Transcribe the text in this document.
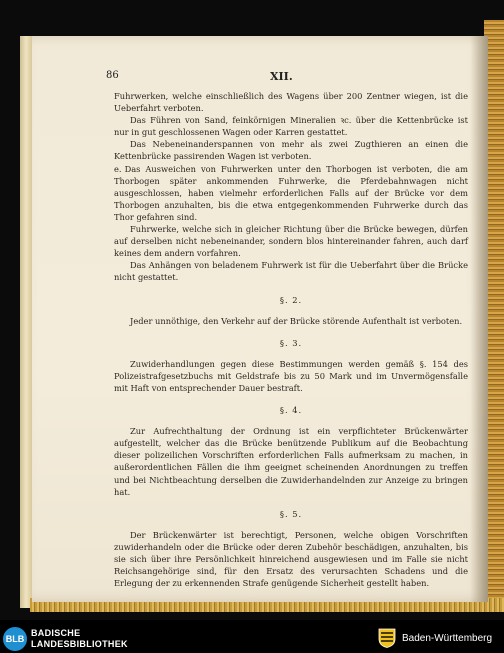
86	XII.

Fuhrwerken, welche einschließlich des Wagens über 200 Zentner wiegen, ist die Ueberfahrt verboten.

Das Führen von Sand, feinkörnigen Mineralien ꝛc. über die Kettenbrücke ist nur in gut geschlossenen Wagen oder Karren gestattet.

Das Nebeneinanderspannen von mehr als zwei Zugthieren an einen die Kettenbrücke passirenden Wagen ist verboten.

e. Das Ausweichen von Fuhrwerken unter den Thorbogen ist verboten, die am Thorbogen später ankommenden Fuhrwerke, die Pferdebahnwagen nicht ausgeschlossen, haben vielmehr erforderlichen Falls auf der Brücke vor dem Thorbogen anzuhalten, bis die etwa entgegenkommenden Fuhrwerke durch das Thor gefahren sind.

Fuhrwerke, welche sich in gleicher Richtung über die Brücke bewegen, dürfen auf derselben nicht nebeneinander, sondern blos hintereinander fahren, auch darf keines dem andern vorfahren.

Das Anhängen von beladenem Fuhrwerk ist für die Ueberfahrt über die Brücke nicht gestattet.

§. 2.

Jeder unnöthige, den Verkehr auf der Brücke störende Aufenthalt ist verboten.

§. 3.

Zuwiderhandlungen gegen diese Bestimmungen werden gemäß §. 154 des Polizeistrafgesetzbuchs mit Geldstrafe bis zu 50 Mark und im Unvermögensfalle mit Haft von entsprechender Dauer bestraft.

§. 4.

Zur Aufrechthaltung der Ordnung ist ein verpflichteter Brückenwärter aufgestellt, welcher das die Brücke benützende Publikum auf die Beobachtung dieser polizeilichen Vorschriften erforderlichen Falls aufmerksam zu machen, in außerordentlichen Fällen die ihm geeignet scheinenden Anordnungen zu treffen und bei Nichtbeachtung derselben die Zuwiderhandelnden zur Anzeige zu bringen hat.

§. 5.

Der Brückenwärter ist berechtigt, Personen, welche obigen Vorschriften zuwiderhandeln oder die Brücke oder deren Zubehör beschädigen, anzuhalten, bis sie sich über ihre Persönlichkeit hinreichend ausgewiesen und im Falle sie nicht Reichsangehörige sind, für den Ersatz des verursachten Schadens und die Erlegung der zu erkennenden Strafe genügende Sicherheit gestellt haben.

BLB
BADISCHE
LANDESBIBLIOTHEK	Baden-Württemberg
